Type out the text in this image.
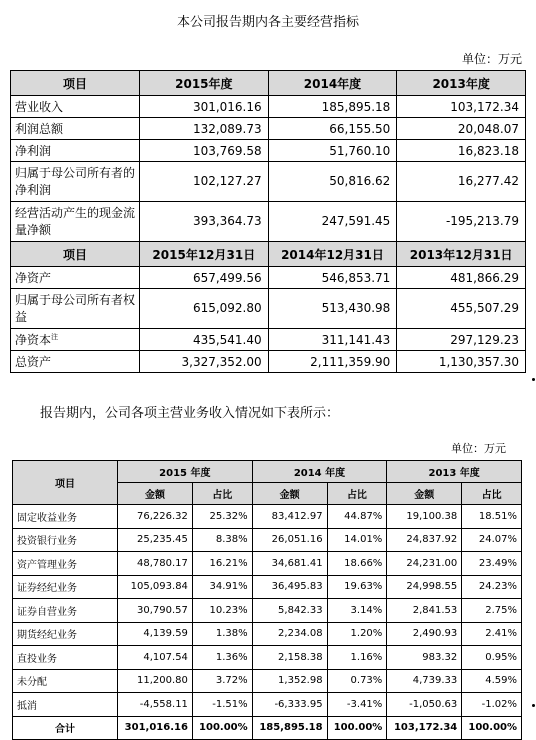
本公司报告期内各主要经营指标
单位：万元
项目	2015年度	2014年度	2013年度
营业收入	301,016.16	185,895.18	103,172.34
利润总额	132,089.73	66,155.50	20,048.07
净利润	103,769.58	51,760.10	16,823.18
归属于母公司所有者的净利润	102,127.27	50,816.62	16,277.42
经营活动产生的现金流量净额	393,364.73	247,591.45	-195,213.79
项目	2015年12月31日	2014年12月31日	2013年12月31日
净资产	657,499.56	546,853.71	481,866.29
归属于母公司所有者权益	615,092.80	513,430.98	455,507.29
净资本$^注$	435,541.40	311,141.43	297,129.23
总资产	3,327,352.00	2,111,359.90	1,130,357.30
报告期内，公司各项主营业务收入情况如下表所示：
单位：万元
项目	2015 年度		2014 年度		2013 年度	
	金额	占比	金额	占比	金额	占比
固定收益业务	76,226.32	25.32%	83,412.97	44.87%	19,100.38	18.51%
投资银行业务	25,235.45	8.38%	26,051.16	14.01%	24,837.92	24.07%
资产管理业务	48,780.17	16.21%	34,681.41	18.66%	24,231.00	23.49%
证券经纪业务	105,093.84	34.91%	36,495.83	19.63%	24,998.55	24.23%
证券自营业务	30,790.57	10.23%	5,842.33	3.14%	2,841.53	2.75%
期货经纪业务	4,139.59	1.38%	2,234.08	1.20%	2,490.93	2.41%
直投业务	4,107.54	1.36%	2,158.38	1.16%	983.32	0.95%
未分配	11,200.80	3.72%	1,352.98	0.73%	4,739.33	4.59%
抵消	-4,558.11	-1.51%	-6,333.95	-3.41%	-1,050.63	-1.02%
合计	301,016.16	100.00%	185,895.18	100.00%	103,172.34	100.00%
